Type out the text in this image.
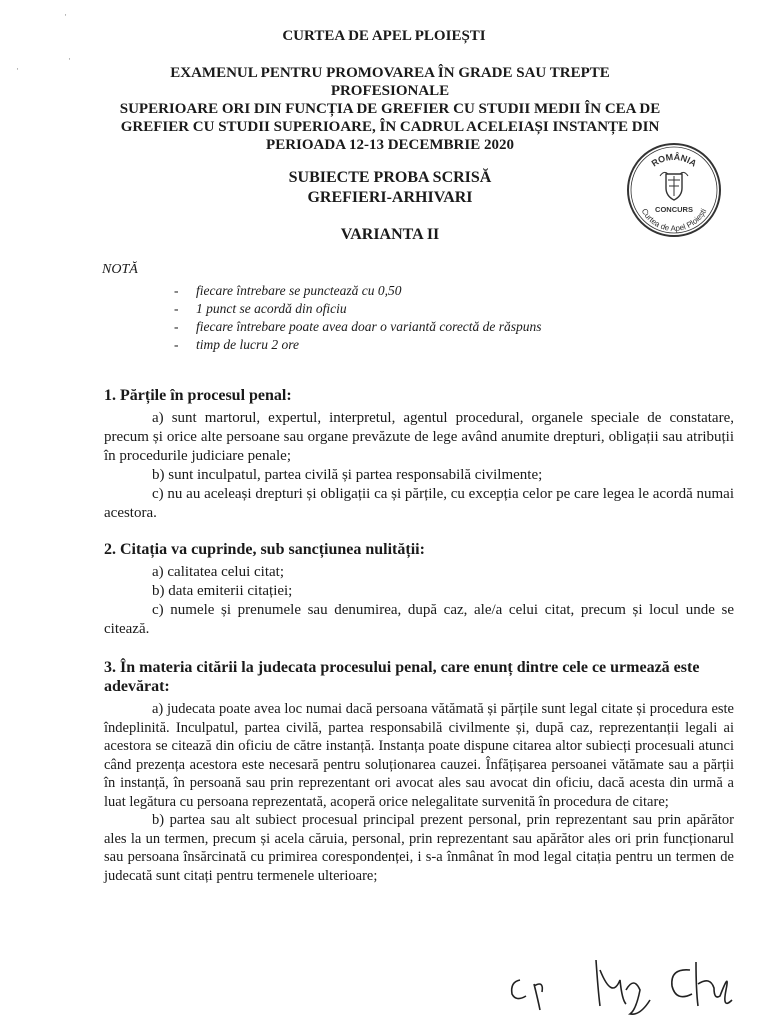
·
·
·
CURTEA DE APEL PLOIEȘTI
EXAMENUL PENTRU PROMOVAREA ÎN GRADE SAU TREPTE PROFESIONALE
SUPERIOARE ORI DIN FUNCȚIA DE GREFIER CU STUDII MEDII ÎN CEA DE
GREFIER CU STUDII SUPERIOARE, ÎN CADRUL ACELEIAȘI INSTANȚE DIN
PERIOADA 12-13 DECEMBRIE 2020
SUBIECTE PROBA SCRISĂ
GREFIERI-ARHIVARI
VARIANTA II
ROMÂNIA
Curtea de Apel Ploiești
CONCURS
NOTĂ
- fiecare întrebare se punctează cu 0,50
- 1 punct se acordă din oficiu
- fiecare întrebare poate avea doar o variantă corectă de răspuns
- timp de lucru 2 ore
1. Părțile în procesul penal:
a) sunt martorul, expertul, interpretul, agentul procedural, organele speciale de constatare, precum și orice alte persoane sau organe prevăzute de lege având anumite drepturi, obligații sau atribuții în procedurile judiciare penale;
b) sunt inculpatul, partea civilă și partea responsabilă civilmente;
c) nu au aceleași drepturi și obligații ca și părțile, cu excepția celor pe care legea le acordă numai acestora.
2. Citația va cuprinde, sub sancțiunea nulității:
a) calitatea celui citat;
b) data emiterii citației;
c) numele și prenumele sau denumirea, după caz, ale/a celui citat, precum și locul unde se citează.
3. În materia citării la judecata procesului penal, care enunț dintre cele ce urmează este adevărat:
a) judecata poate avea loc numai dacă persoana vătămată și părțile sunt legal citate și procedura este îndeplinită. Inculpatul, partea civilă, partea responsabilă civilmente și, după caz, reprezentanții legali ai acestora se citează din oficiu de către instanță. Instanța poate dispune citarea altor subiecți procesuali atunci când prezența acestora este necesară pentru soluționarea cauzei. Înfățișarea persoanei vătămate sau a părții în instanță, în persoană sau prin reprezentant ori avocat ales sau avocat din oficiu, dacă acesta din urmă a luat legătura cu persoana reprezentată, acoperă orice nelegalitate survenită în procedura de citare;
b) partea sau alt subiect procesual principal prezent personal, prin reprezentant sau prin apărător ales la un termen, precum și acela căruia, personal, prin reprezentant sau apărător ales ori prin funcționarul sau persoana însărcinată cu primirea corespondenței, i s-a înmânat în mod legal citația pentru un termen de judecată sunt citați pentru termenele ulterioare;
